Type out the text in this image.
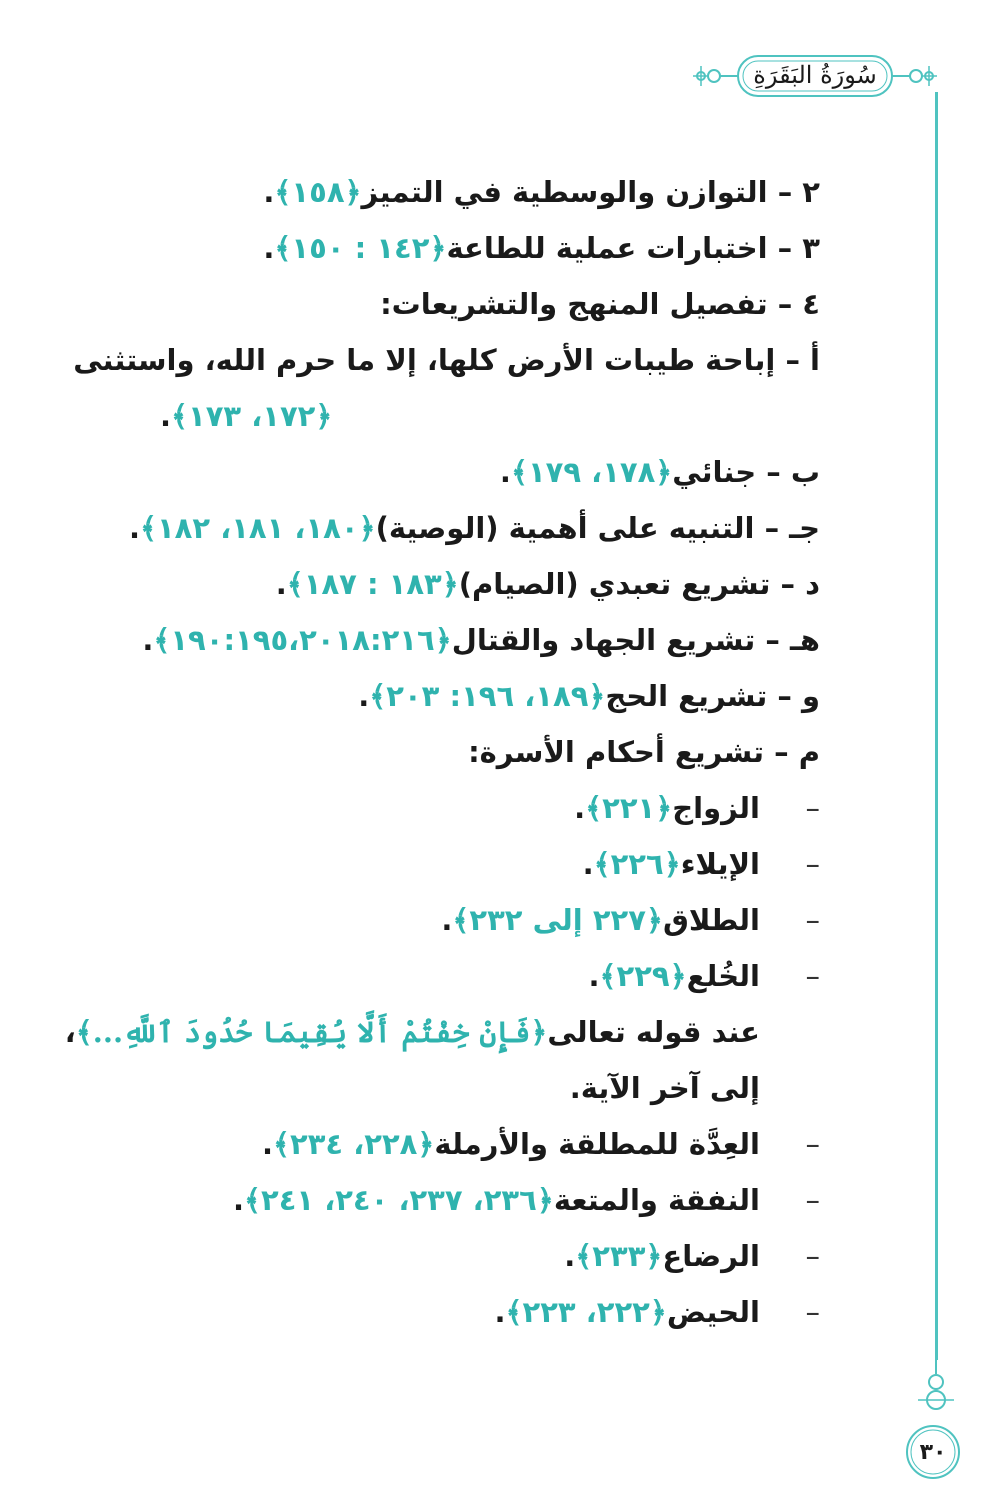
سُورَةُ البَقَرَةِ
٢ – التوازن والوسطية في التميز
﴿١٥٨﴾
.
٣ – اختبارات عملية للطاعة
﴿١٤٢ : ١٥٠﴾
.
٤ – تفصيل المنهج والتشريعات:
أ – إباحة طيبات الأرض كلها، إلا ما حرم الله، واستثنى
﴿١٧٢، ١٧٣﴾
.
ب – جنائي
﴿١٧٨، ١٧٩﴾
.
جـ – التنبيه على أهمية (الوصية)
﴿١٨٠، ١٨١، ١٨٢﴾
.
د – تشريع تعبدي (الصيام)
﴿١٨٣ : ١٨٧﴾
.
هـ – تشريع الجهاد والقتال
﴿١٩٠:١٩٥،٢٠١٨:٢١٦﴾
.
و – تشريع الحج
﴿١٨٩، ١٩٦: ٢٠٣﴾
.
م – تشريع أحكام الأسرة:
–
الزواج
﴿٢٢١﴾
.
–
الإيلاء
﴿٢٢٦﴾
.
–
الطلاق
﴿٢٢٧ إلى ٢٣٢﴾
.
–
الخُلع
﴿٢٢٩﴾
.
عند قوله تعالى
﴿فَإِنْ خِفْتُمْ أَلَّا يُقِيمَا حُدُودَ ٱللَّهِ...﴾
،
إلى آخر الآية.
–
العِدَّة للمطلقة والأرملة
﴿٢٢٨، ٢٣٤﴾
.
–
النفقة والمتعة
﴿٢٣٦، ٢٣٧، ٢٤٠، ٢٤١﴾
.
–
الرضاع
﴿٢٣٣﴾
.
–
الحيض
﴿٢٢٢، ٢٢٣﴾
.
٣٠
